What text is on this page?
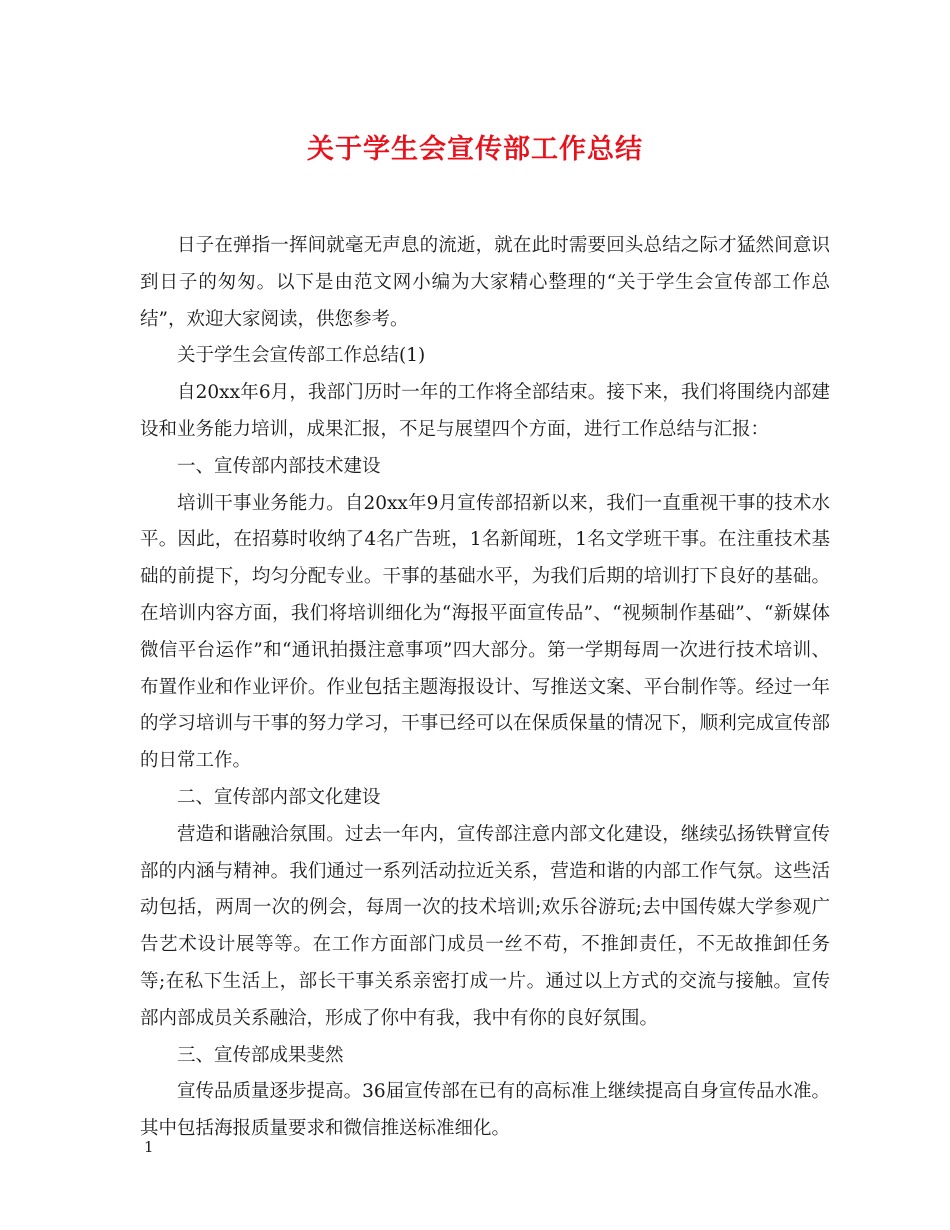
关于学生会宣传部工作总结

日子在弹指一挥间就毫无声息的流逝，就在此时需要回头总结之际才猛然间意识到日子的匆匆。以下是由范文网小编为大家精心整理的“关于学生会宣传部工作总结”，欢迎大家阅读，供您参考。

关于学生会宣传部工作总结(1)

自20xx年6月，我部门历时一年的工作将全部结束。接下来，我们将围绕内部建设和业务能力培训，成果汇报，不足与展望四个方面，进行工作总结与汇报：

一、宣传部内部技术建设

培训干事业务能力。自20xx年9月宣传部招新以来，我们一直重视干事的技术水平。因此，在招募时收纳了4名广告班，1名新闻班，1名文学班干事。在注重技术基础的前提下，均匀分配专业。干事的基础水平，为我们后期的培训打下良好的基础。在培训内容方面，我们将培训细化为“海报平面宣传品”、“视频制作基础”、“新媒体微信平台运作”和“通讯拍摄注意事项”四大部分。第一学期每周一次进行技术培训、布置作业和作业评价。作业包括主题海报设计、写推送文案、平台制作等。经过一年的学习培训与干事的努力学习，干事已经可以在保质保量的情况下，顺利完成宣传部的日常工作。

二、宣传部内部文化建设

营造和谐融洽氛围。过去一年内，宣传部注意内部文化建设，继续弘扬铁臂宣传部的内涵与精神。我们通过一系列活动拉近关系，营造和谐的内部工作气氛。这些活动包括，两周一次的例会，每周一次的技术培训;欢乐谷游玩;去中国传媒大学参观广告艺术设计展等等。在工作方面部门成员一丝不苟，不推卸责任，不无故推卸任务等;在私下生活上，部长干事关系亲密打成一片。通过以上方式的交流与接触。宣传部内部成员关系融洽，形成了你中有我，我中有你的良好氛围。

三、宣传部成果斐然

宣传品质量逐步提高。36届宣传部在已有的高标准上继续提高自身宣传品水准。其中包括海报质量要求和微信推送标准细化。

1
